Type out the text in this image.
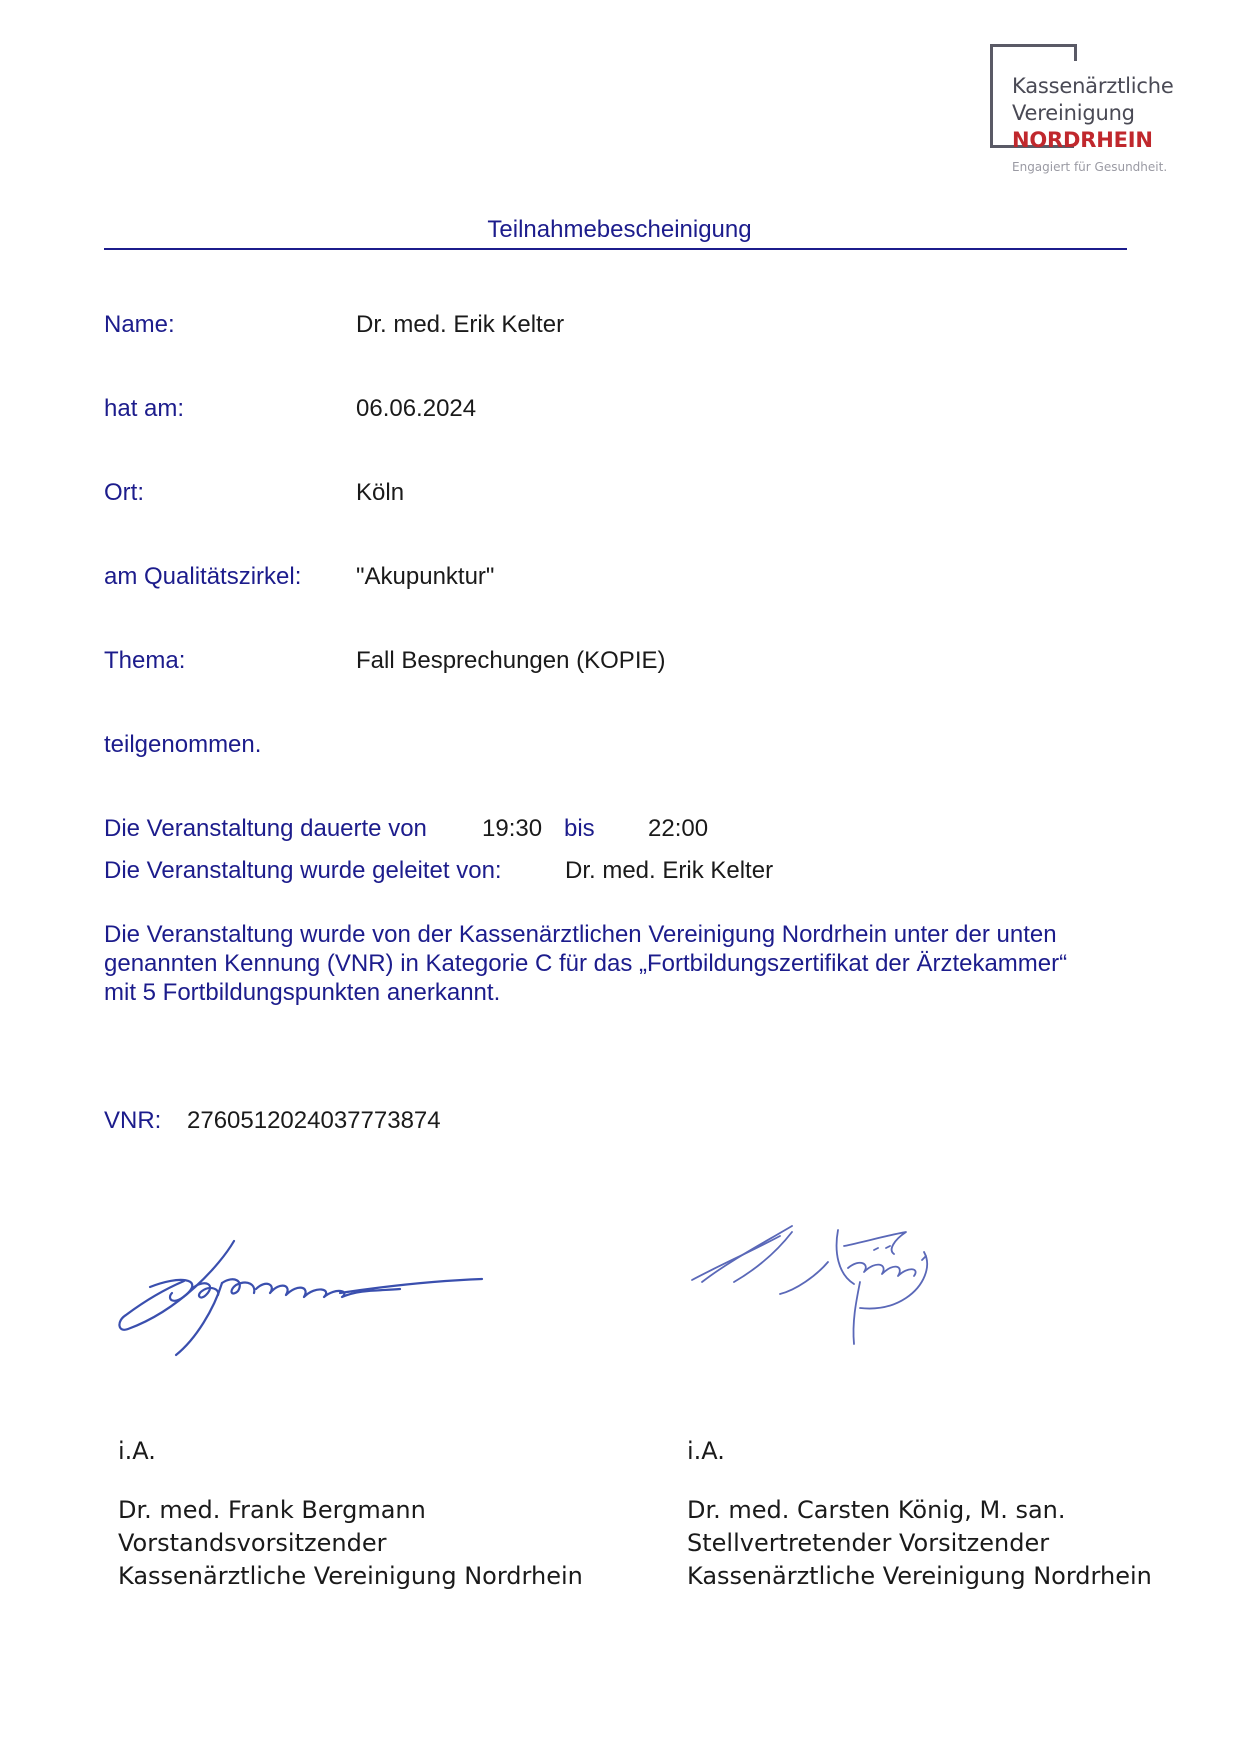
Kassenärztliche
Vereinigung
NORDRHEIN
Engagiert für Gesundheit.
Teilnahmebescheinigung
Name:	Dr. med. Erik Kelter
hat am:	06.06.2024
Ort:	Köln
am Qualitätszirkel: "Akupunktur"
Thema:	Fall Besprechungen (KOPIE)
teilgenommen.
Die Veranstaltung dauerte von 19:30 bis 22:00
Die Veranstaltung wurde geleitet von:	Dr. med. Erik Kelter
Die Veranstaltung wurde von der Kassenärztlichen Vereinigung Nordrhein unter der unten
genannten Kennung (VNR) in Kategorie C für das „Fortbildungszertifikat der Ärztekammer“
mit 5 Fortbildungspunkten anerkannt.
VNR: 2760512024037773874
i.A.
Dr. med. Frank Bergmann
Vorstandsvorsitzender
Kassenärztliche Vereinigung Nordrhein
i.A.
Dr. med. Carsten König, M. san.
Stellvertretender Vorsitzender
Kassenärztliche Vereinigung Nordrhein
